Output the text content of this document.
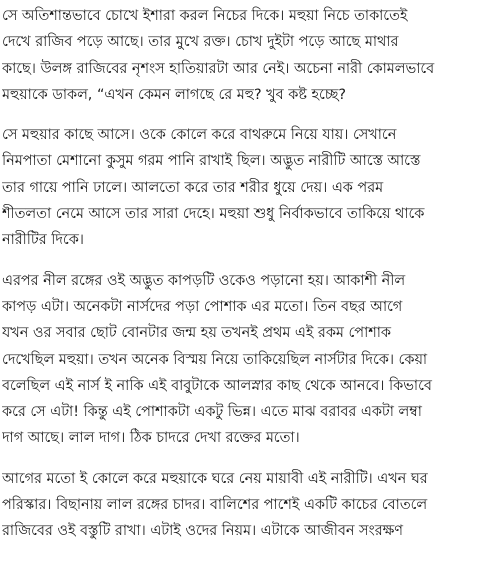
সে অতিশান্তভাবে চোখে ইশারা করল নিচের দিকে। মহুয়া নিচে তাকাতেই
দেখে রাজিব পড়ে আছে। তার মুখে রক্ত। চোখ দুইটা পড়ে আছে মাথার
কাছে। উলঙ্গ রাজিবের নৃশংস হাতিয়ারটা আর নেই। অচেনা নারী কোমলভাবে
মহুয়াকে ডাকল, “এখন কেমন লাগছে রে মহু? খুব কষ্ট হচ্ছে?
সে মহুয়ার কাছে আসে। ওকে কোলে করে বাথরুমে নিয়ে যায়। সেখানে
নিমপাতা মেশানো কুসুম গরম পানি রাখাই ছিল। অদ্ভুত নারীটি আস্তে আস্তে
তার গায়ে পানি ঢালে। আলতো করে তার শরীর ধুয়ে দেয়। এক পরম
শীতলতা নেমে আসে তার সারা দেহে। মহুয়া শুধু নির্বাকভাবে তাকিয়ে থাকে
নারীটির দিকে।
এরপর নীল রঙ্গের ওই অদ্ভুত কাপড়টি ওকেও পড়ানো হয়। আকাশী নীল
কাপড় এটা। অনেকটা নার্সদের পড়া পোশাক এর মতো। তিন বছর আগে
যখন ওর সবার ছোট বোনটার জন্ম হয় তখনই প্রথম এই রকম পোশাক
দেখেছিল মহুয়া। তখন অনেক বিস্ময় নিয়ে তাকিয়েছিল নার্সটার দিকে। কেয়া
বলেছিল এই নার্স ই নাকি এই বাবুটাকে আলস্নার কাছ থেকে আনবে। কিভাবে
করে সে এটা! কিন্তু এই পোশাকটা একটু ভিন্ন। এতে মাঝ বরাবর একটা লম্বা
দাগ আছে। লাল দাগ। ঠিক চাদরে দেখা রক্তের মতো।
আগের মতো ই কোলে করে মহুয়াকে ঘরে নেয় মায়াবী এই নারীটি। এখন ঘর
পরিস্কার। বিছানায় লাল রঙ্গের চাদর। বালিশের পাশেই একটি কাচের বোতলে
রাজিবের ওই বস্তুটি রাখা। এটাই ওদের নিয়ম। এটাকে আজীবন সংরক্ষণ
